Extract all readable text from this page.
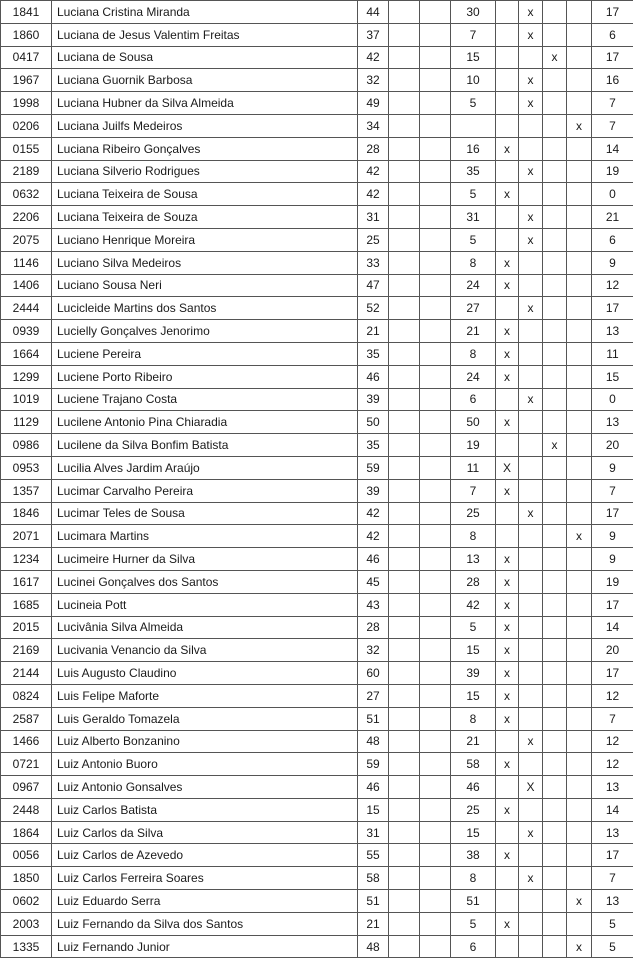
1841	Luciana Cristina Miranda	44			30		x			17
1860	Luciana de Jesus Valentim Freitas	37			7		x			6
0417	Luciana de Sousa	42			15			x		17
1967	Luciana Guornik Barbosa	32			10		x			16
1998	Luciana Hubner da Silva Almeida	49			5		x			7
0206	Luciana Juilfs Medeiros	34							x	7
0155	Luciana Ribeiro Gonçalves	28			16	x				14
2189	Luciana Silverio Rodrigues	42			35		x			19
0632	Luciana Teixeira de Sousa	42			5	x				0
2206	Luciana Teixeira de Souza	31			31		x			21
2075	Luciano Henrique Moreira	25			5		x			6
1146	Luciano Silva Medeiros	33			8	x				9
1406	Luciano Sousa Neri	47			24	x				12
2444	Lucicleide Martins dos Santos	52			27		x			17
0939	Lucielly Gonçalves Jenorimo	21			21	x				13
1664	Luciene Pereira	35			8	x				11
1299	Luciene Porto Ribeiro	46			24	x				15
1019	Luciene Trajano Costa	39			6		x			0
1129	Lucilene Antonio Pina Chiaradia	50			50	x				13
0986	Lucilene da Silva Bonfim Batista	35			19			x		20
0953	Lucilia Alves Jardim Araújo	59			11	X				9
1357	Lucimar Carvalho Pereira	39			7	x				7
1846	Lucimar Teles de Sousa	42			25		x			17
2071	Lucimara Martins	42			8				x	9
1234	Lucimeire Hurner da Silva	46			13	x				9
1617	Lucinei Gonçalves dos Santos	45			28	x				19
1685	Lucineia Pott	43			42	x				17
2015	Lucivânia Silva Almeida	28			5	x				14
2169	Lucivania Venancio da Silva	32			15	x				20
2144	Luis Augusto Claudino	60			39	x				17
0824	Luis Felipe Maforte	27			15	x				12
2587	Luis Geraldo Tomazela	51			8	x				7
1466	Luiz Alberto Bonzanino	48			21		x			12
0721	Luiz Antonio Buoro	59			58	x				12
0967	Luiz Antonio Gonsalves	46			46		X			13
2448	Luiz Carlos Batista	15			25	x				14
1864	Luiz Carlos da Silva	31			15		x			13
0056	Luiz Carlos de Azevedo	55			38	x				17
1850	Luiz Carlos Ferreira Soares	58			8		x			7
0602	Luiz Eduardo Serra	51			51				x	13
2003	Luiz Fernando da Silva dos Santos	21			5	x				5
1335	Luiz Fernando Junior	48			6				x	5
